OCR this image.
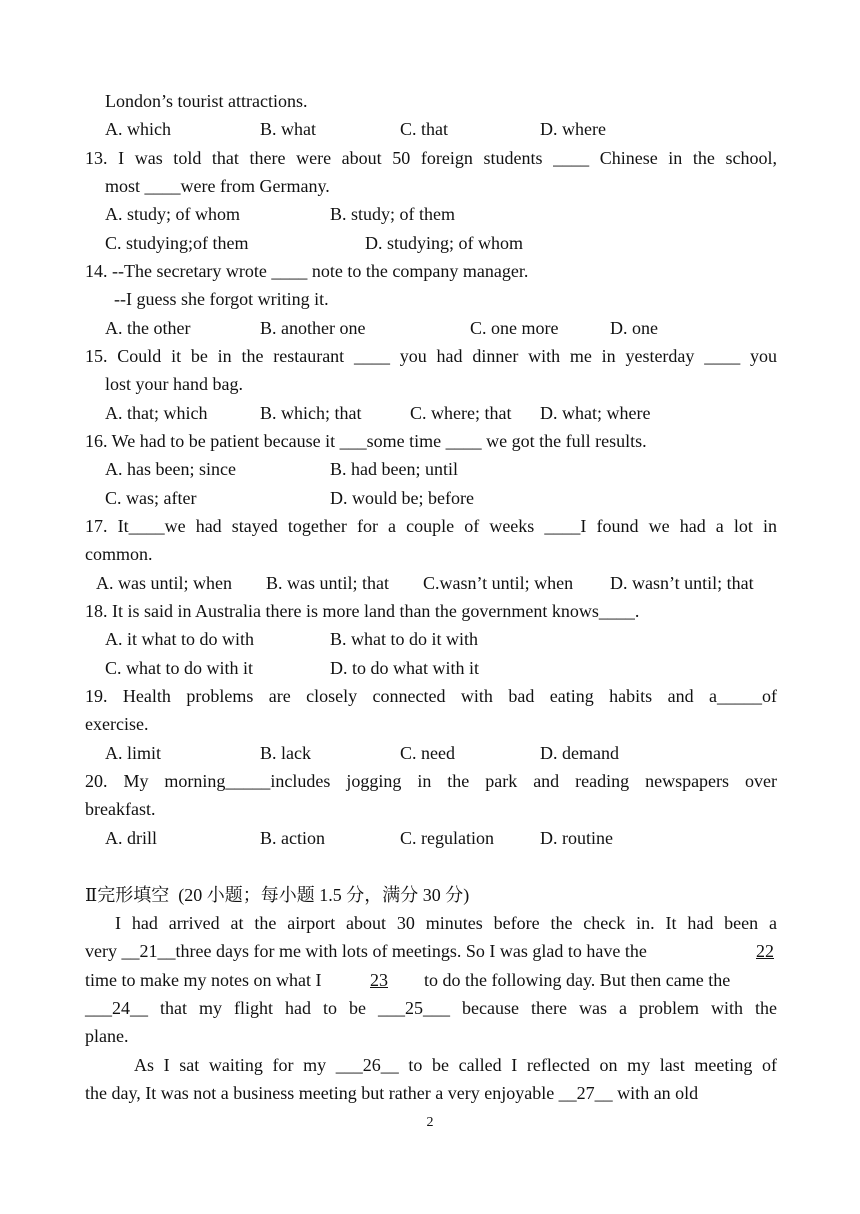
London’s tourist attractions.
A. which	B. what	C. that	D. where
13. I was told that there were about 50 foreign students ____ Chinese in the school,
most ____were from Germany.
A. study; of whom	B. study; of them
C. studying;of them	D. studying; of whom
14. --The secretary wrote ____ note to the company manager.
--I guess she forgot writing it.
A. the other	B. another one	C. one more	D. one
15. Could it be in the restaurant ____ you had dinner with me in yesterday ____ you
lost your hand bag.
A. that; which	B. which; that	C. where; that D. what; where
16. We had to be patient because it ___some time ____ we got the full results.
A. has been; since	B. had been; until
C. was; after	D. would be; before
17. It____we had stayed together for a couple of weeks ____I found we had a lot in
common.
A. was until; when B. was until; that C.wasn’t until; when D. wasn’t until; that
18. It is said in Australia there is more land than the government knows____.
A. it what to do with	B. what to do it with
C. what to do with it	D. to do what with it
19. Health problems are closely connected with bad eating habits and a_____of
exercise.
A. limit	B. lack	C. need	D. demand
20. My morning_____includes jogging in the park and reading newspapers over
breakfast.
A. drill	B. action	C. regulation	D. routine
Ⅱ完形填空  (20 小题；每小题 1.5 分，满分 30 分)
I had arrived at the airport about 30 minutes before the check in. It had been a
very __21__three days for me with lots of meetings. So I was glad to have the	22
time to make my notes on what I 23 to do the following day. But then came the
___24__ that my flight had to be ___25___ because there was a problem with the
plane.
As I sat waiting for my ___26__ to be called I reflected on my last meeting of
the day, It was not a business meeting but rather a very enjoyable __27__ with an old
2
